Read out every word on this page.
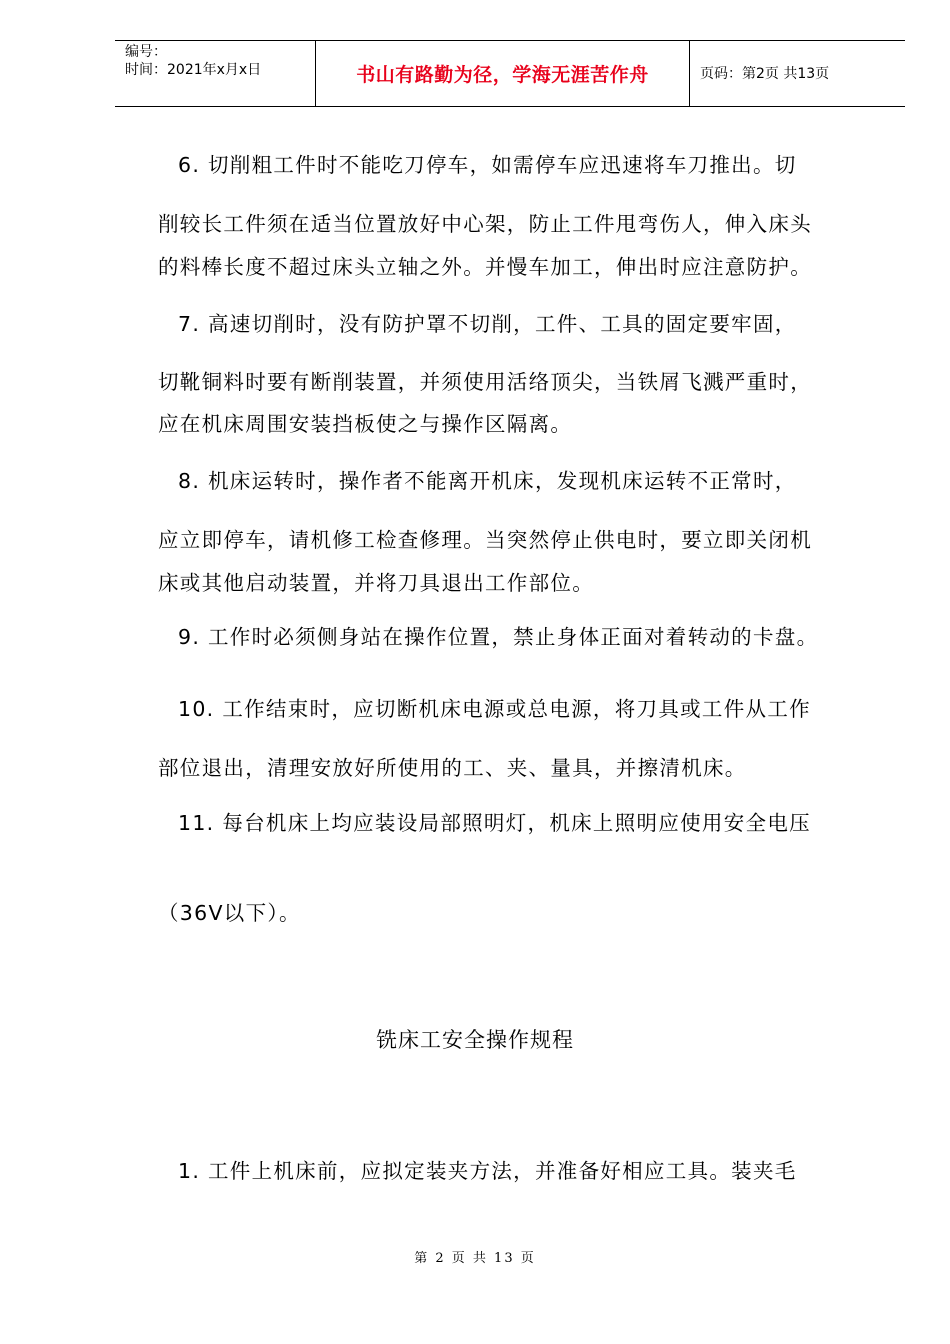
编号：
时间：2021年x月x日	书山有路勤为径，学海无涯苦作舟	页码：第2页 共13页
6. 切削粗工件时不能吃刀停车，如需停车应迅速将车刀推出。切
削较长工件须在适当位置放好中心架，防止工件甩弯伤人，伸入床头
的料棒长度不超过床头立轴之外。并慢车加工，伸出时应注意防护。
7. 高速切削时，没有防护罩不切削，工件、工具的固定要牢固，
切靴铜料时要有断削装置，并须使用活络顶尖，当铁屑飞溅严重时，
应在机床周围安装挡板使之与操作区隔离。
8. 机床运转时，操作者不能离开机床，发现机床运转不正常时，
应立即停车，请机修工检查修理。当突然停止供电时，要立即关闭机
床或其他启动装置，并将刀具退出工作部位。
9. 工作时必须侧身站在操作位置，禁止身体正面对着转动的卡盘。
10. 工作结束时，应切断机床电源或总电源，将刀具或工件从工作
部位退出，清理安放好所使用的工、夹、量具，并擦清机床。
11. 每台机床上均应装设局部照明灯，机床上照明应使用安全电压
（36V以下）。
铣床工安全操作规程
1. 工件上机床前，应拟定装夹方法，并准备好相应工具。装夹毛
第 2 页 共 13 页
